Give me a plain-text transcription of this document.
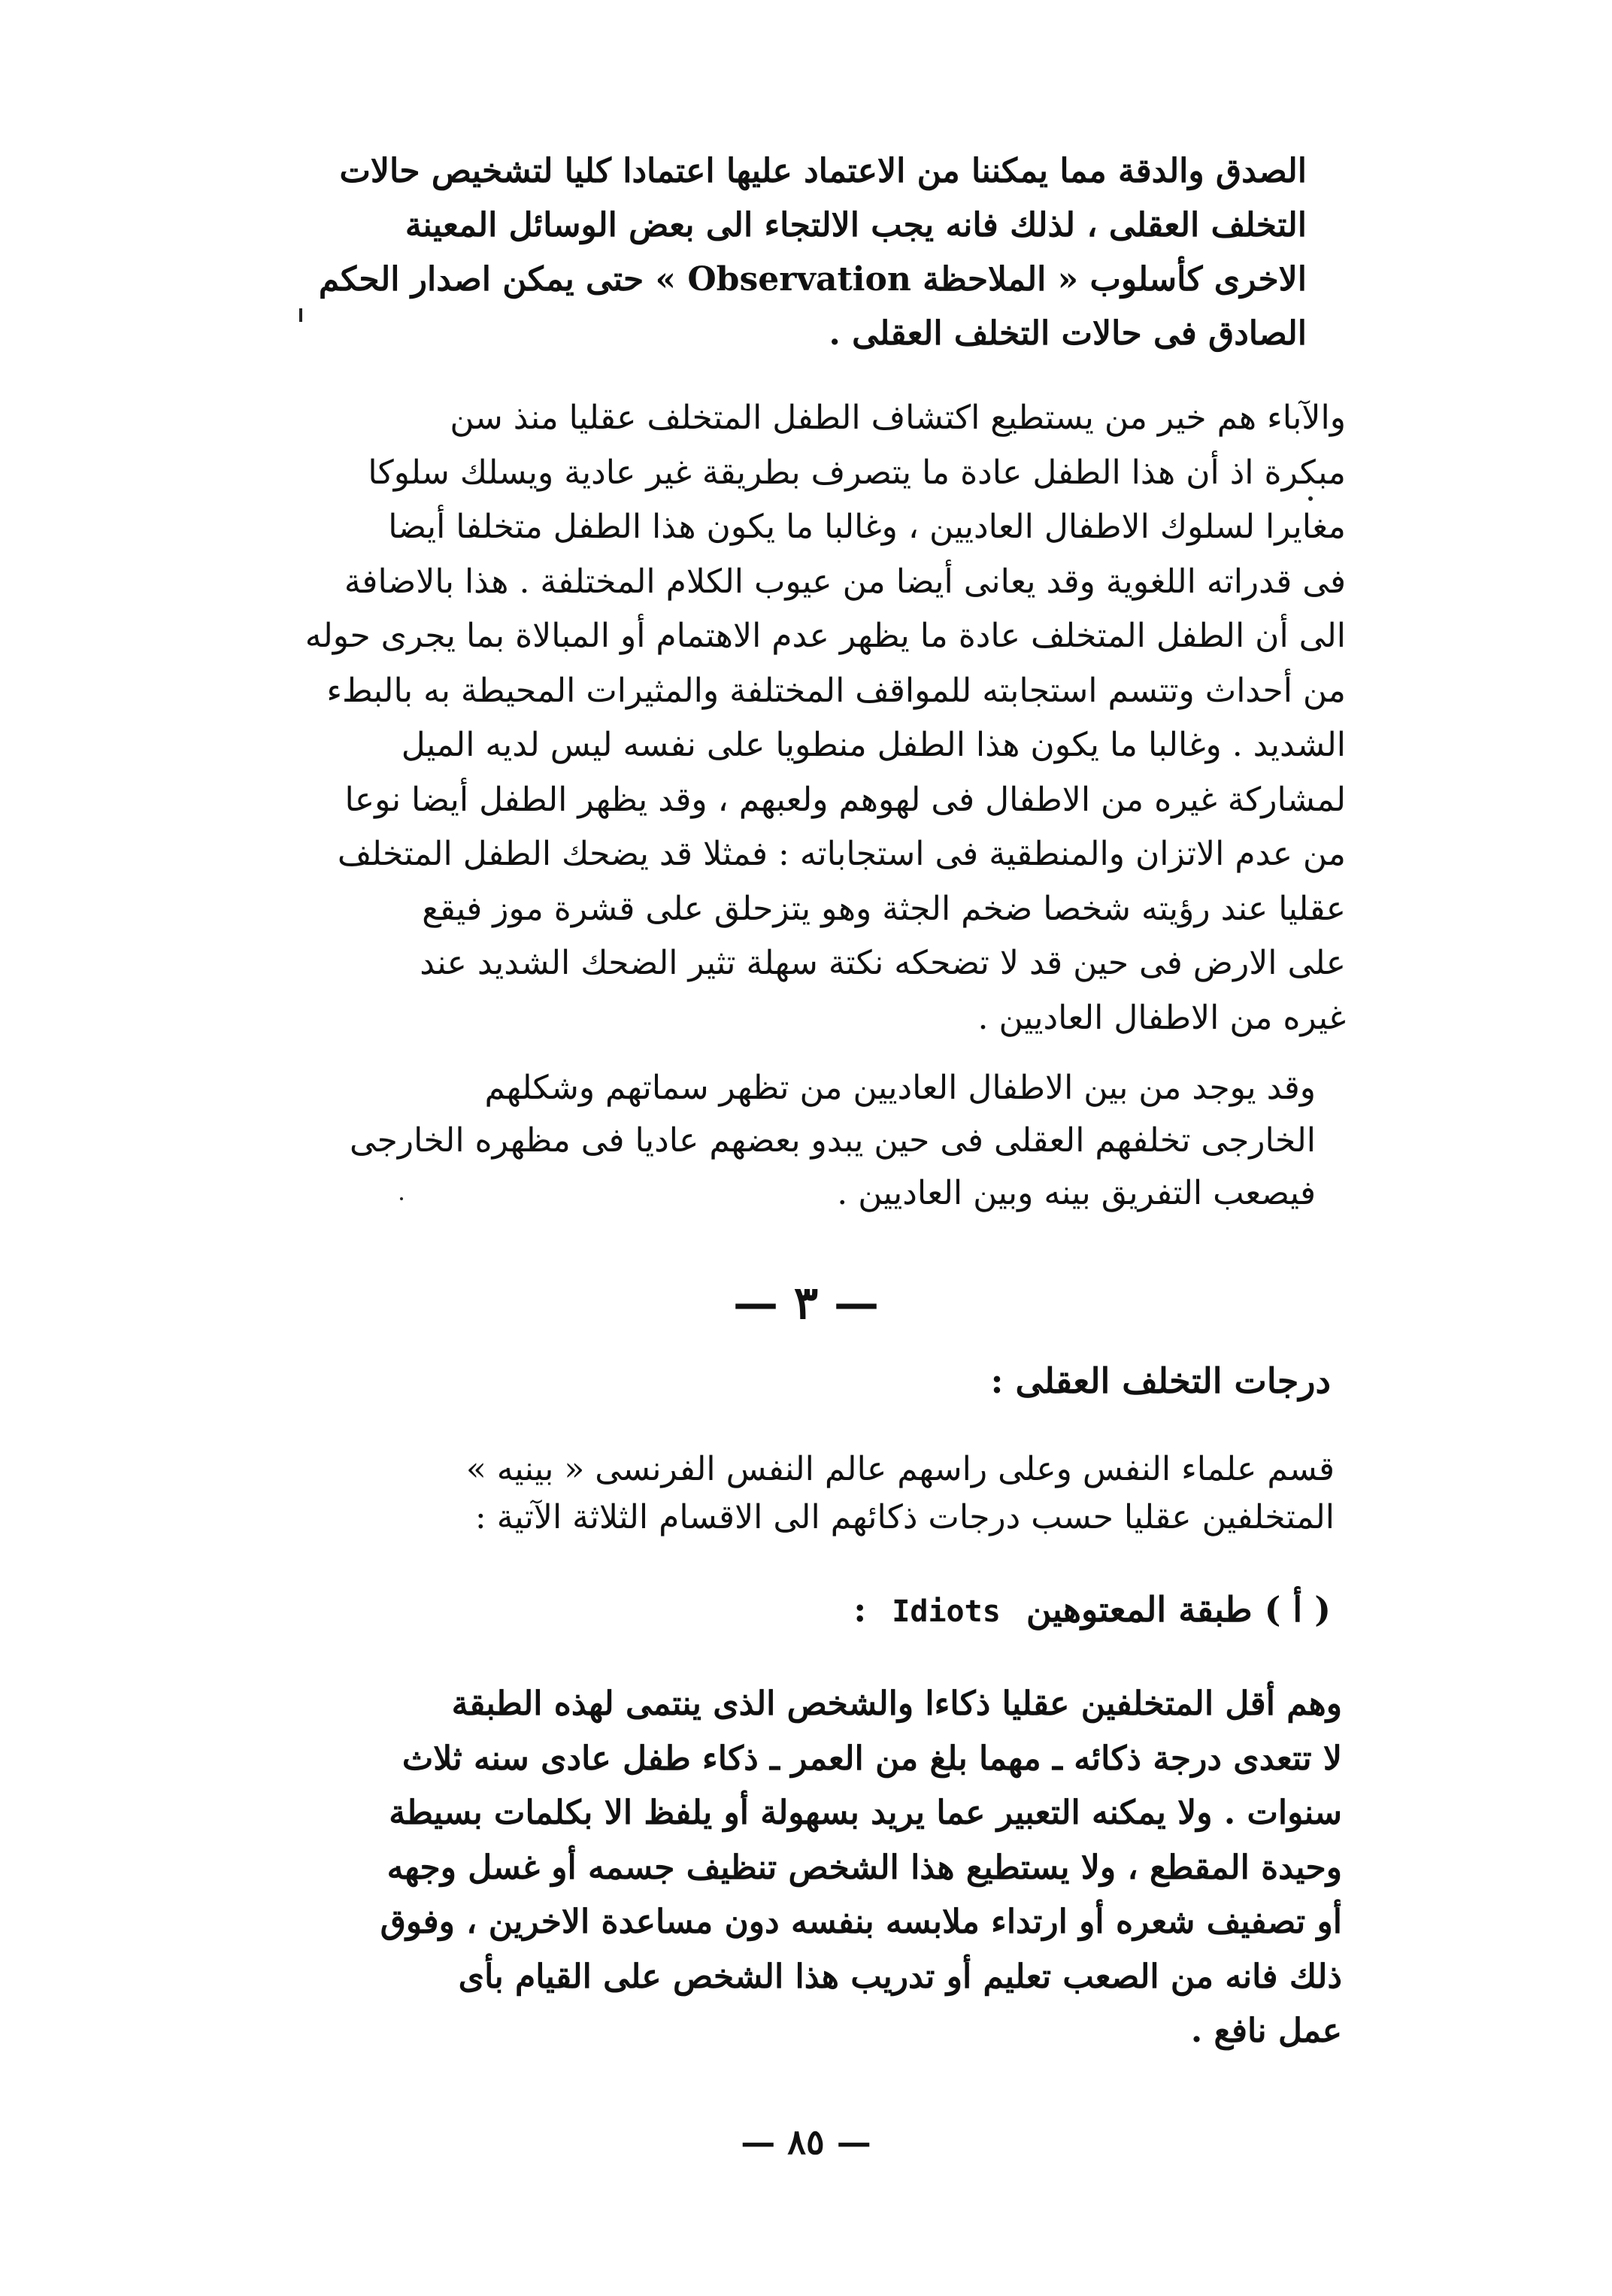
الصدق والدقة مما يمكننا من الاعتماد عليها اعتمادا كليا لتشخيص حالات
التخلف العقلى ، لذلك فانه يجب الالتجاء الى بعض الوسائل المعينة
الاخرى كأسلوب « الملاحظة Observation » حتى يمكن اصدار الحكم
الصادق فى حالات التخلف العقلى .
والآباء هم خير من يستطيع اكتشاف الطفل المتخلف عقليا منذ سن
مبكرة اذ أن هذا الطفل عادة ما يتصرف بطريقة غير عادية ويسلك سلوكا
مغايرا لسلوك الاطفال العاديين ، وغالبا ما يكون هذا الطفل متخلفا أيضا
فى قدراته اللغوية وقد يعانى أيضا من عيوب الكلام المختلفة . هذا بالاضافة
الى أن الطفل المتخلف عادة ما يظهر عدم الاهتمام أو المبالاة بما يجرى حوله
من أحداث وتتسم استجابته للمواقف المختلفة والمثيرات المحيطة به بالبطء
الشديد . وغالبا ما يكون هذا الطفل منطويا على نفسه ليس لديه الميل
لمشاركة غيره من الاطفال فى لهوهم ولعبهم ، وقد يظهر الطفل أيضا نوعا
من عدم الاتزان والمنطقية فى استجاباته : فمثلا قد يضحك الطفل المتخلف
عقليا عند رؤيته شخصا ضخم الجثة وهو يتزحلق على قشرة موز فيقع
على الارض فى حين قد لا تضحكه نكتة سهلة تثير الضحك الشديد عند
غيره من الاطفال العاديين .
وقد يوجد من بين الاطفال العاديين من تظهر سماتهم وشكلهم
الخارجى تخلفهم العقلى فى حين يبدو بعضهم عاديا فى مظهره الخارجى
فيصعب التفريق بينه وبين العاديين .
— ٣ —
درجات التخلف العقلى :
قسم علماء النفس وعلى راسهم عالم النفس الفرنسى « بينيه »
المتخلفين عقليا حسب درجات ذكائهم الى الاقسام الثلاثة الآتية :
( أ ) طبقة المعتوهين Idiots :
وهم أقل المتخلفين عقليا ذكاءا والشخص الذى ينتمى لهذه الطبقة
لا تتعدى درجة ذكائه ـ مهما بلغ من العمر ـ ذكاء طفل عادى سنه ثلاث
سنوات . ولا يمكنه التعبير عما يريد بسهولة أو يلفظ الا بكلمات بسيطة
وحيدة المقطع ، ولا يستطيع هذا الشخص تنظيف جسمه أو غسل وجهه
أو تصفيف شعره أو ارتداء ملابسه بنفسه دون مساعدة الاخرين ، وفوق
ذلك فانه من الصعب تعليم أو تدريب هذا الشخص على القيام بأى
عمل نافع .
— ٨٥ —
